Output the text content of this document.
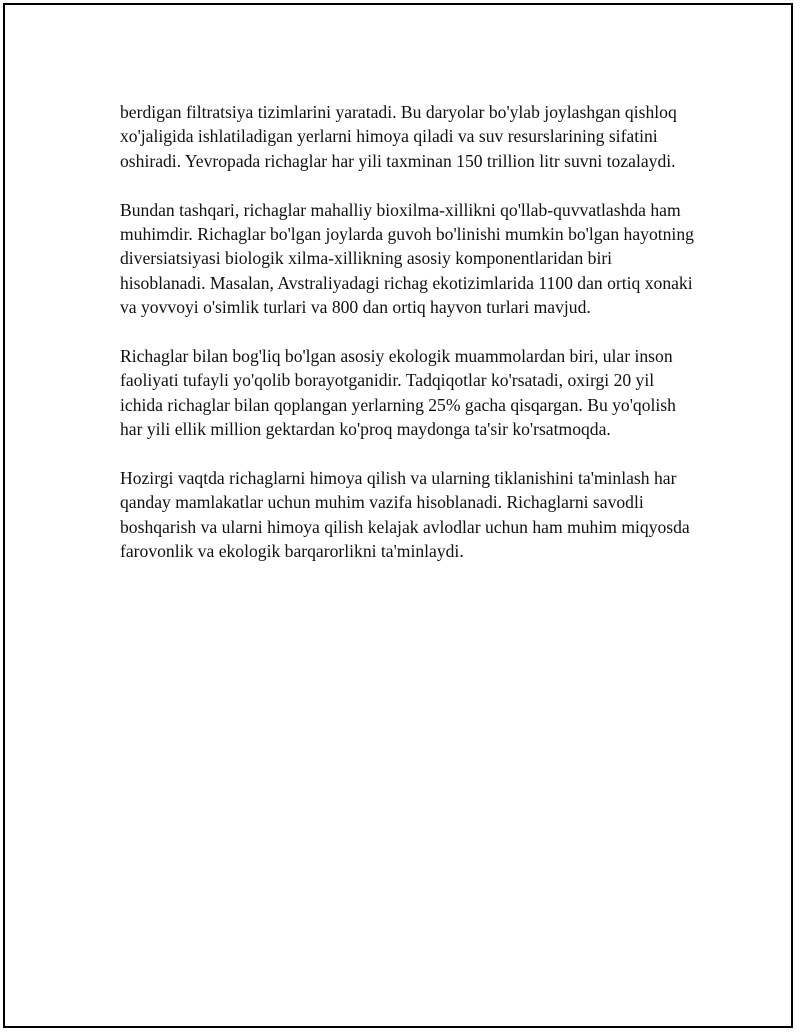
berdigan filtratsiya tizimlarini yaratadi. Bu daryolar bo'ylab joylashgan qishloq xo'jaligida ishlatiladigan yerlarni himoya qiladi va suv resurslarining sifatini oshiradi. Yevropada richaglar har yili taxminan 150 trillion litr suvni tozalaydi.

Bundan tashqari, richaglar mahalliy bioxilma-xillikni qo'llab-quvvatlashda ham muhimdir. Richaglar bo'lgan joylarda guvoh bo'linishi mumkin bo'lgan hayotning diversiatsiyasi biologik xilma-xillikning asosiy komponentlaridan biri hisoblanadi. Masalan, Avstraliyadagi richag ekotizimlarida 1100 dan ortiq xonaki va yovvoyi o'simlik turlari va 800 dan ortiq hayvon turlari mavjud.

Richaglar bilan bog'liq bo'lgan asosiy ekologik muammolardan biri, ular inson faoliyati tufayli yo'qolib borayotganidir. Tadqiqotlar ko'rsatadi, oxirgi 20 yil ichida richaglar bilan qoplangan yerlarning 25% gacha qisqargan. Bu yo'qolish har yili ellik million gektardan ko'proq maydonga ta'sir ko'rsatmoqda.

Hozirgi vaqtda richaglarni himoya qilish va ularning tiklanishini ta'minlash har qanday mamlakatlar uchun muhim vazifa hisoblanadi. Richaglarni savodli boshqarish va ularni himoya qilish kelajak avlodlar uchun ham muhim miqyosda farovonlik va ekologik barqarorlikni ta'minlaydi.
